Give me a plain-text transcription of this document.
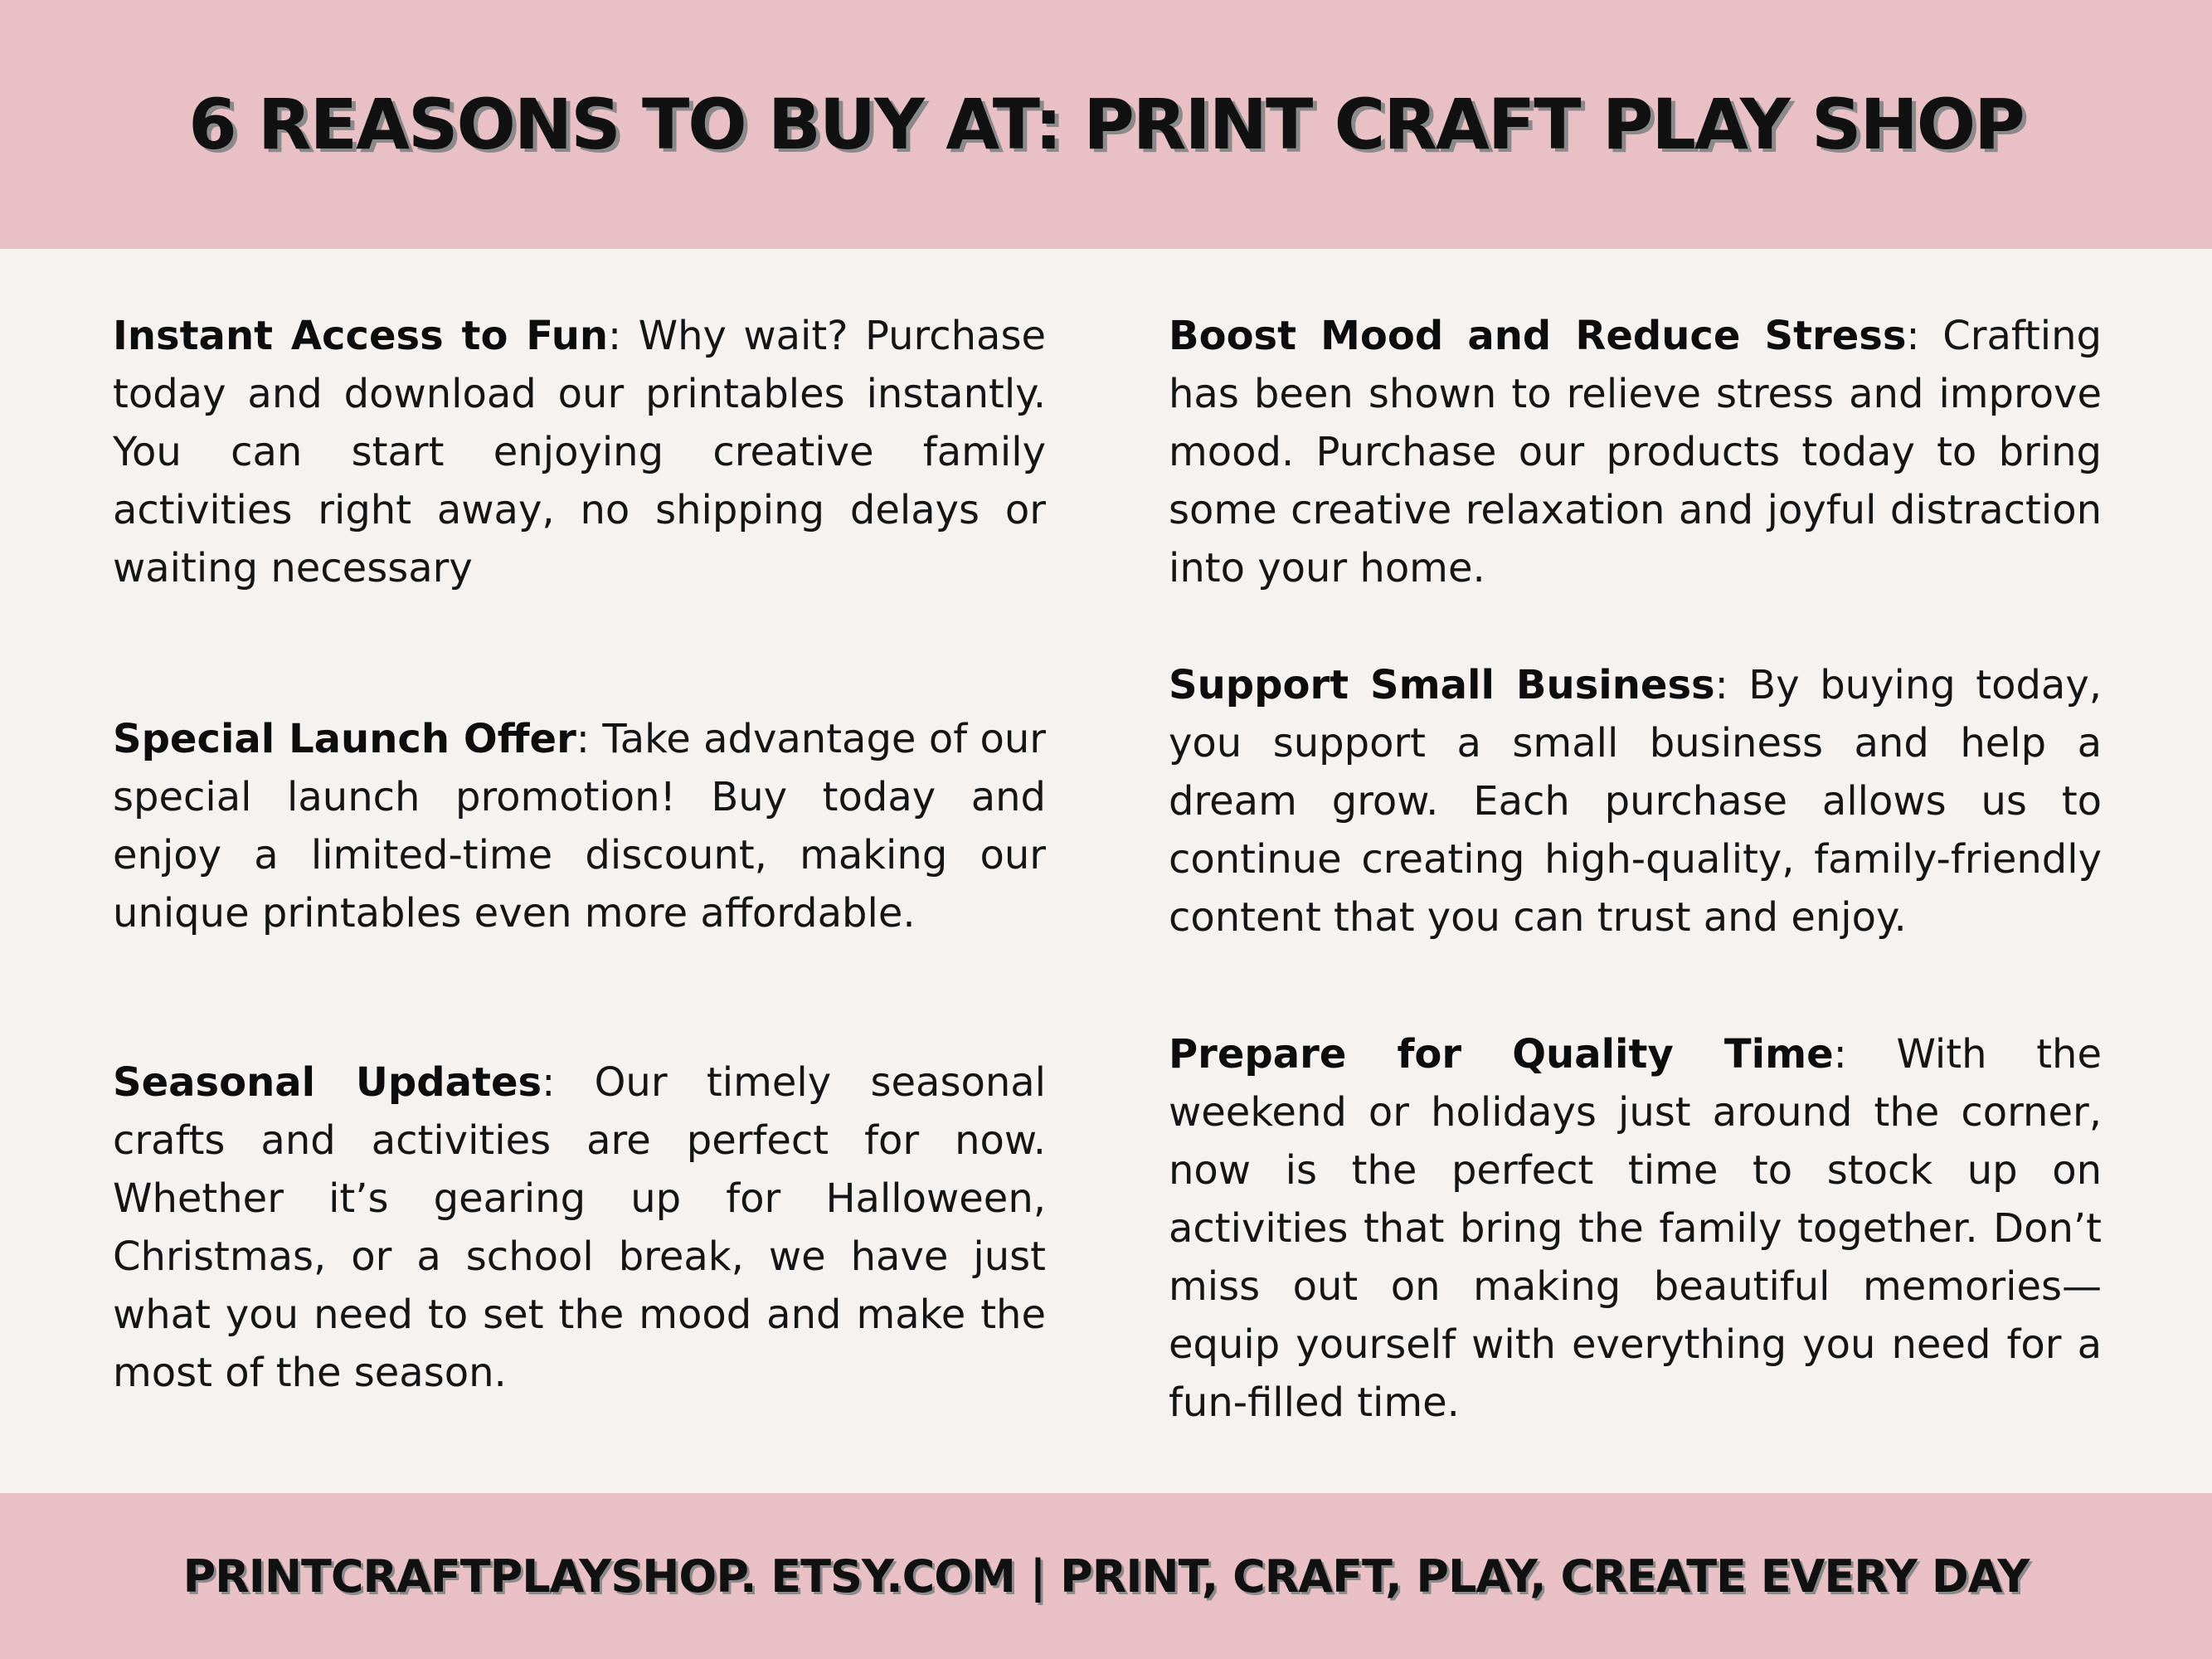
6 REASONS TO BUY AT: PRINT CRAFT PLAY SHOP

Instant Access to Fun: Why wait? Purchase today and download our printables instantly. You can start enjoying creative family activities right away, no shipping delays or waiting necessary

Special Launch Offer: Take advantage of our special launch promotion! Buy today and enjoy a limited-time discount, making our unique printables even more affordable.

Seasonal Updates: Our timely seasonal crafts and activities are perfect for now. Whether it’s gearing up for Halloween, Christmas, or a school break, we have just what you need to set the mood and make the most of the season.

Boost Mood and Reduce Stress: Crafting has been shown to relieve stress and improve mood. Purchase our products today to bring some creative relaxation and joyful distraction into your home.

Support Small Business: By buying today, you support a small business and help a dream grow. Each purchase allows us to continue creating high-quality, family-friendly content that you can trust and enjoy.

Prepare for Quality Time: With the weekend or holidays just around the corner, now is the perfect time to stock up on activities that bring the family together. Don’t miss out on making beautiful memories—equip yourself with everything you need for a fun-filled time.

PRINTCRAFTPLAYSHOP. ETSY.COM | PRINT, CRAFT, PLAY, CREATE EVERY DAY
